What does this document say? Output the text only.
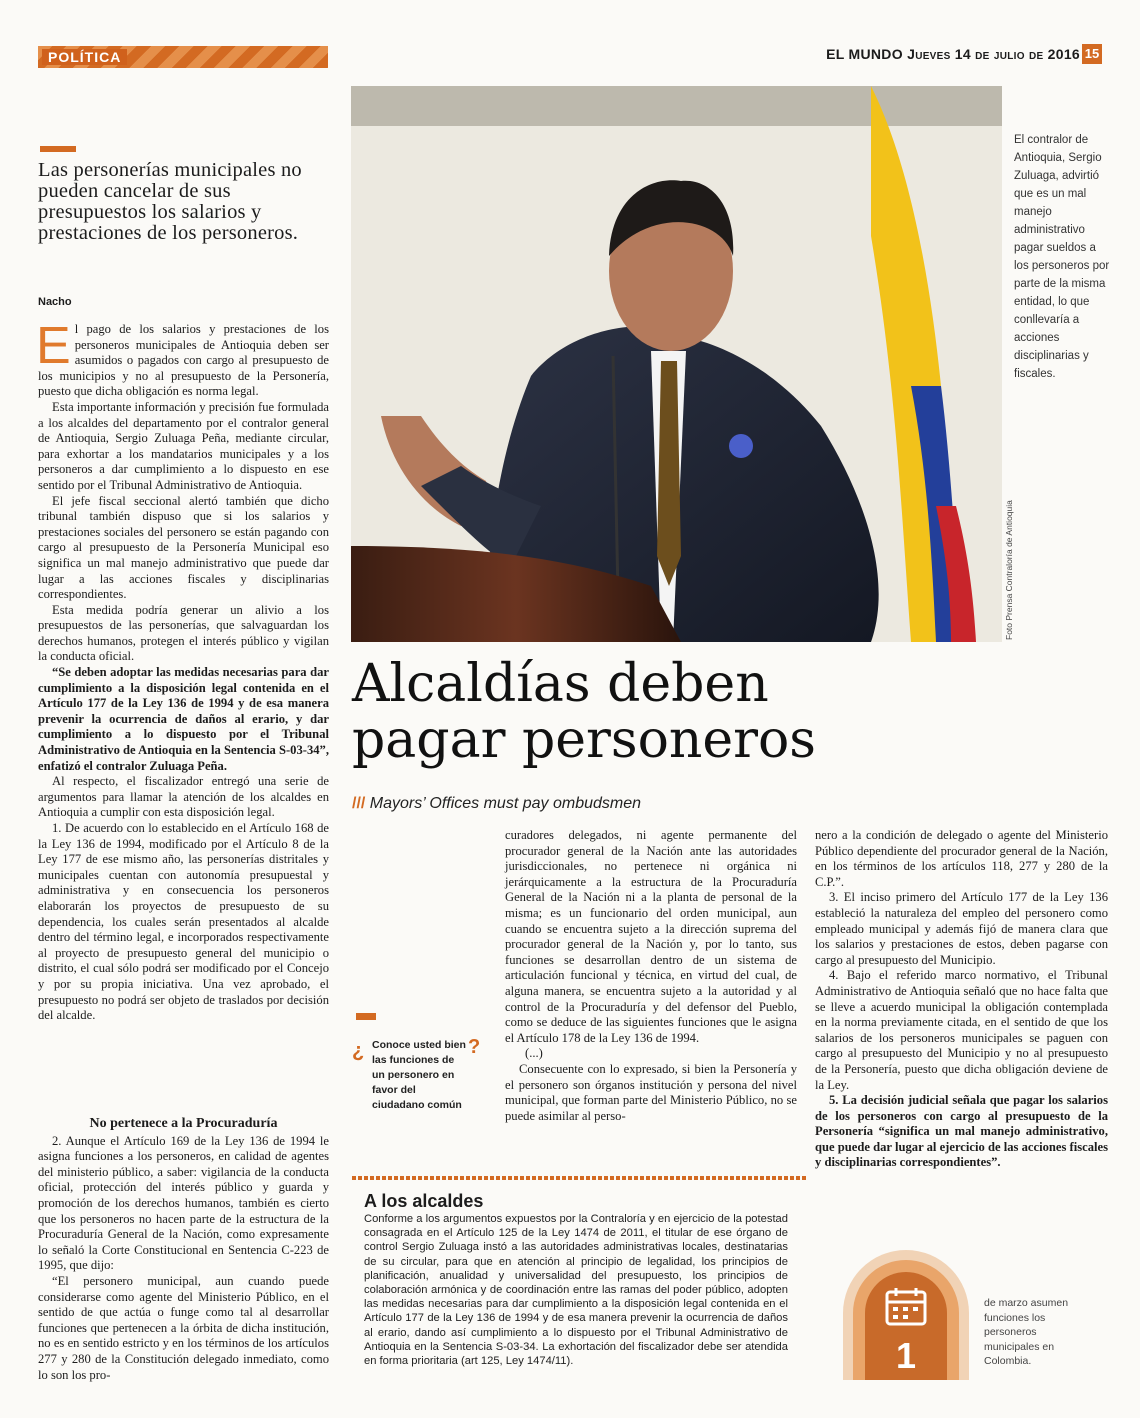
POLÍTICA	EL MUNDO Jueves 14 de julio de 2016 15
Las personerías municipales no pueden cancelar de sus presupuestos los salarios y prestaciones de los personeros.
Nacho

El pago de los salarios y prestaciones de los personeros municipales de Antioquia deben ser asumidos o pagados con cargo al presupuesto de los municipios y no al presupuesto de la Personería, puesto que dicha obligación es norma legal.

Esta importante información y precisión fue formulada a los alcaldes del departamento por el contralor general de Antioquia, Sergio Zuluaga Peña, mediante circular, para exhortar a los mandatarios municipales y a los personeros a dar cumplimiento a lo dispuesto en ese sentido por el Tribunal Administrativo de Antioquia.

El jefe fiscal seccional alertó también que dicho tribunal también dispuso que si los salarios y prestaciones sociales del personero se están pagando con cargo al presupuesto de la Personería Municipal eso significa un mal manejo administrativo que puede dar lugar a las acciones fiscales y disciplinarias correspondientes.

Esta medida podría generar un alivio a los presupuestos de las personerías, que salvaguardan los derechos humanos, protegen el interés público y vigilan la conducta oficial.

“Se deben adoptar las medidas necesarias para dar cumplimiento a la disposición legal contenida en el Artículo 177 de la Ley 136 de 1994 y de esa manera prevenir la ocurrencia de daños al erario, y dar cumplimiento a lo dispuesto por el Tribunal Administrativo de Antioquia en la Sentencia S-03-34”, enfatizó el contralor Zuluaga Peña.

Al respecto, el fiscalizador entregó una serie de argumentos para llamar la atención de los alcaldes en Antioquia a cumplir con esta disposición legal.

1. De acuerdo con lo establecido en el Artículo 168 de la Ley 136 de 1994, modificado por el Artículo 8 de la Ley 177 de ese mismo año, las personerías distritales y municipales cuentan con autonomía presupuestal y administrativa y en consecuencia los personeros elaborarán los proyectos de presupuesto de su dependencia, los cuales serán presentados al alcalde dentro del término legal, e incorporados respectivamente al proyecto de presupuesto general del municipio o distrito, el cual sólo podrá ser modificado por el Concejo y por su propia iniciativa. Una vez aprobado, el presupuesto no podrá ser objeto de traslados por decisión del alcalde.

No pertenece a la Procuraduría

2. Aunque el Artículo 169 de la Ley 136 de 1994 le asigna funciones a los personeros, en calidad de agentes del ministerio público, a saber: vigilancia de la conducta oficial, protección del interés público y guarda y promoción de los derechos humanos, también es cierto que los personeros no hacen parte de la estructura de la Procuraduría General de la Nación, como expresamente lo señaló la Corte Constitucional en Sentencia C-223 de 1995, que dijo:

“El personero municipal, aun cuando puede considerarse como agente del Ministerio Público, en el sentido de que actúa o funge como tal al desarrollar funciones que pertenecen a la órbita de dicha institución, no es en sentido estricto y en los términos de los artículos 277 y 280 de la Constitución delegado inmediato, como lo son los pro-

El contralor de Antioquia, Sergio Zuluaga, advirtió que es un mal manejo administrativo pagar sueldos a los personeros por parte de la misma entidad, lo que conllevaría a acciones disciplinarias y fiscales.
Foto Prensa Contraloría de Antioquia
Alcaldías deben
pagar personeros
/// Mayors’ Offices must pay ombudsmen

curadores delegados, ni agente permanente del procurador general de la Nación ante las autoridades jurisdiccionales, no pertenece ni orgánica ni jerárquicamente a la estructura de la Procuraduría General de la Nación ni a la planta de personal de la misma; es un funcionario del orden municipal, aun cuando se encuentra sujeto a la dirección suprema del procurador general de la Nación y, por lo tanto, sus funciones se desarrollan dentro de un sistema de articulación funcional y técnica, en virtud del cual, de alguna manera, se encuentra sujeto a la autoridad y al control de la Procuraduría y del defensor del Pueblo, como se deduce de las siguientes funciones que le asigna el Artículo 178 de la Ley 136 de 1994.

(...)

Consecuente con lo expresado, si bien la Personería y el personero son órganos institución y persona del nivel municipal, que forman parte del Ministerio Público, no se puede asimilar al perso-

nero a la condición de delegado o agente del Ministerio Público dependiente del procurador general de la Nación, en los términos de los artículos 118, 277 y 280 de la C.P.”.

3. El inciso primero del Artículo 177 de la Ley 136 estableció la naturaleza del empleo del personero como empleado municipal y además fijó de manera clara que los salarios y prestaciones de estos, deben pagarse con cargo al presupuesto del Municipio.

4. Bajo el referido marco normativo, el Tribunal Administrativo de Antioquia señaló que no hace falta que se lleve a acuerdo municipal la obligación contemplada en la norma previamente citada, en el sentido de que los salarios de los personeros municipales se paguen con cargo al presupuesto del Municipio y no al presupuesto de la Personería, puesto que dicha obligación deviene de la Ley.

5. La decisión judicial señala que pagar los salarios de los personeros con cargo al presupuesto de la Personería “significa un mal manejo administrativo, que puede dar lugar al ejercicio de las acciones fiscales y disciplinarias correspondientes”.

¿ Conoce usted bien las funciones de un personero en favor del ciudadano común
?
A los alcaldes
Conforme a los argumentos expuestos por la Contraloría y en ejercicio de la potestad consagrada en el Artículo 125 de la Ley 1474 de 2011, el titular de ese órgano de control Sergio Zuluaga instó a las autoridades administrativas locales, destinatarias de su circular, para que en atención al principio de legalidad, los principios de planificación, anualidad y universalidad del presupuesto, los principios de colaboración armónica y de coordinación entre las ramas del poder público, adopten las medidas necesarias para dar cumplimiento a la disposición legal contenida en el Artículo 177 de la Ley 136 de 1994 y de esa manera prevenir la ocurrencia de daños al erario, dando así cumplimiento a lo dispuesto por el Tribunal Administrativo de Antioquia en la Sentencia S-03-34. La exhortación del fiscalizador debe ser atendida en forma prioritaria (art 125, Ley 1474/11).	1
de marzo asumen funciones los personeros municipales en Colombia.
